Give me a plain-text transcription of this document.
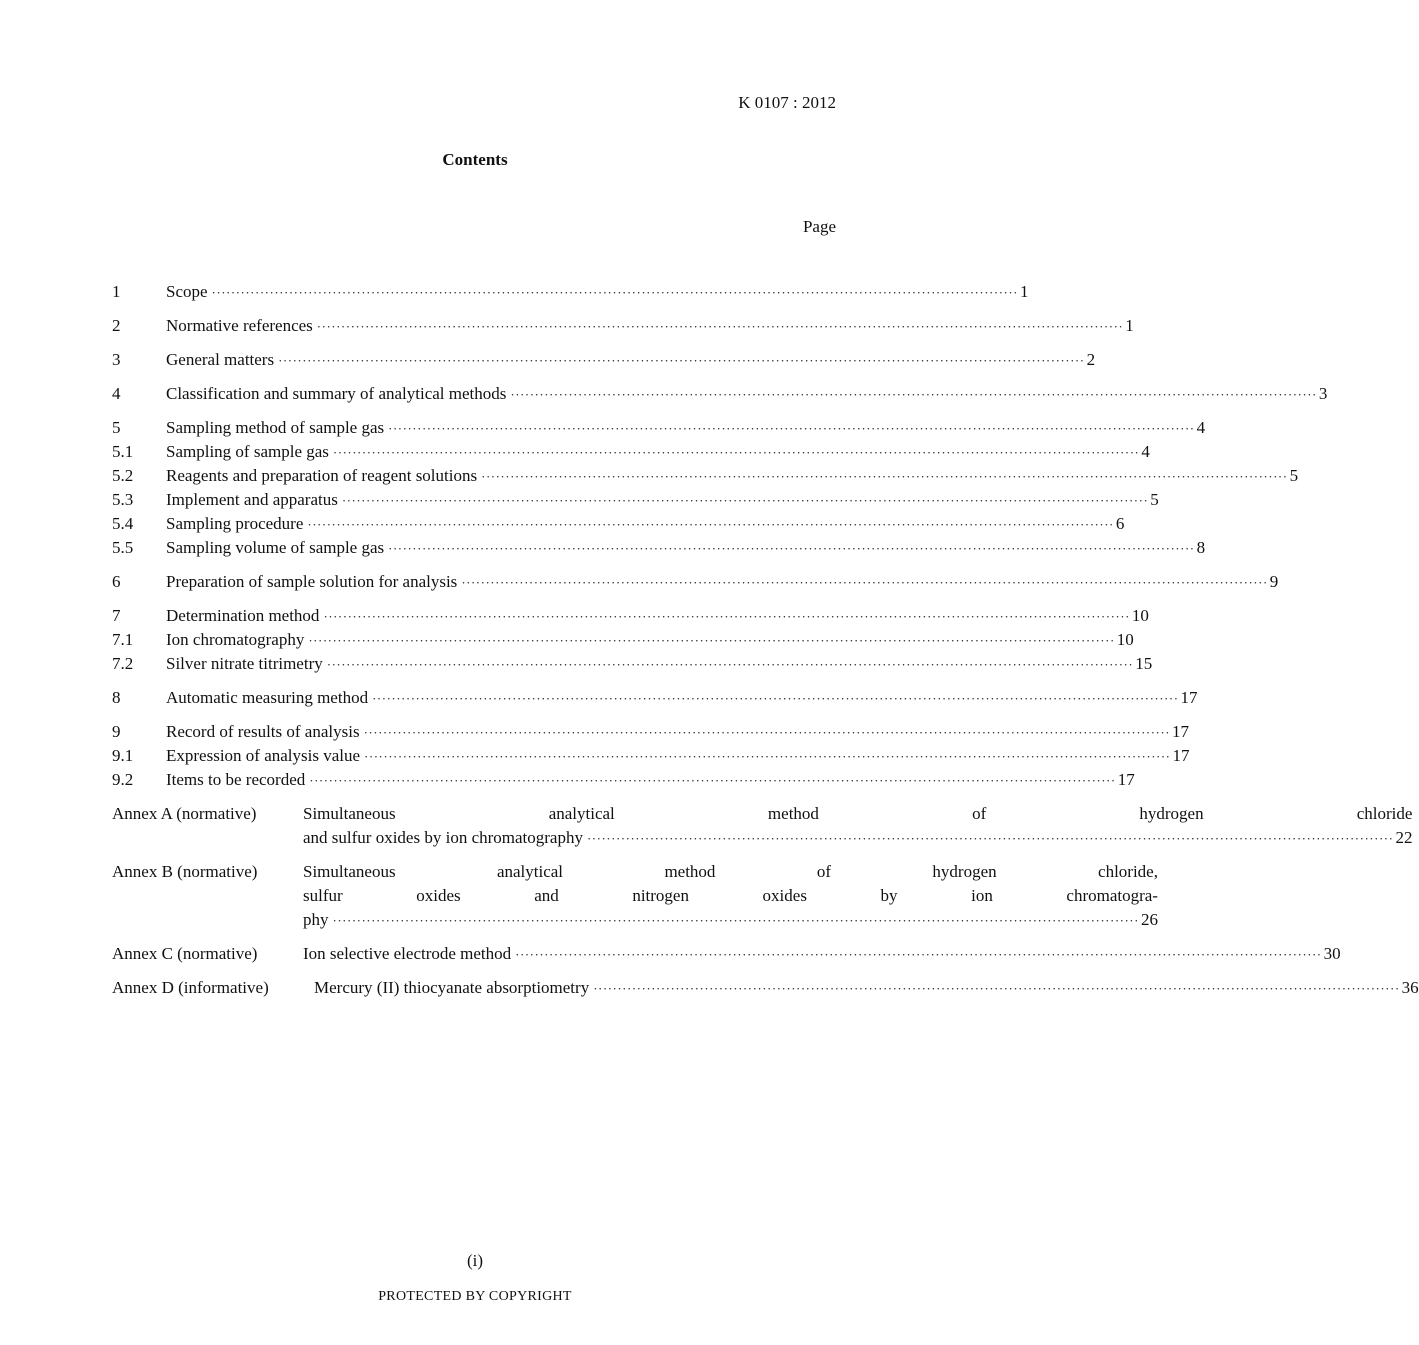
K 0107 : 2012
Contents
Page
1	Scope ·····	1
2	Normative references ·····	1
3	General matters ·····	2
4	Classification and summary of analytical methods ·····	3
5	Sampling method of sample gas ·····	4
5.1	Sampling of sample gas ·····	4
5.2	Reagents and preparation of reagent solutions ·····	5
5.3	Implement and apparatus ·····	5
5.4	Sampling procedure ·····	6
5.5	Sampling volume of sample gas ·····	8
6	Preparation of sample solution for analysis ·····	9
7	Determination method ·····	10
7.1	Ion chromatography ·····	10
7.2	Silver nitrate titrimetry ·····	15
8	Automatic measuring method ·····	17
9	Record of results of analysis ·····	17
9.1	Expression of analysis value ·····	17
9.2	Items to be recorded ·····	17
Annex A (normative)	Simultaneous analytical method of hydrogen chloride
and sulfur oxides by ion chromatography ·····	22
Annex B (normative)	Simultaneous analytical method of hydrogen chloride,
sulfur oxides and nitrogen oxides by ion chromatogra-
phy ·····	26
Annex C (normative)	Ion selective electrode method ·····	30
Annex D (informative)	Mercury (II) thiocyanate absorptiometry ·····	36
(i)
PROTECTED BY COPYRIGHT
